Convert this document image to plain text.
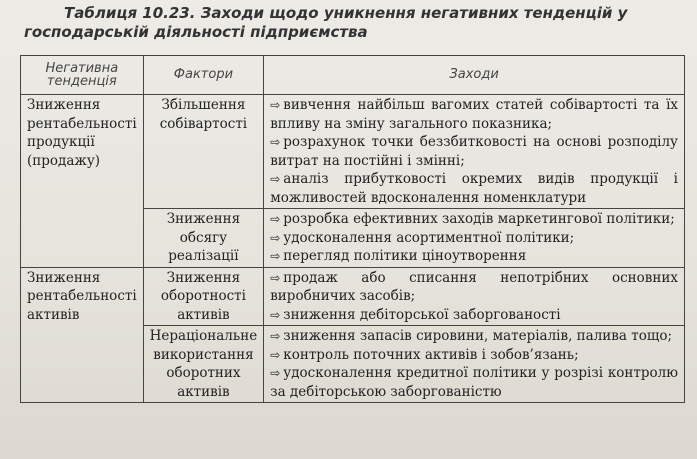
Таблиця 10.23. Заходи щодо уникнення негативних тенденцій у
господарській діяльності підприємства
Негативна тенденція	Фактори	Заходи
Зниження рентабельності продукції (продажу)	Збільшення собівартості	⇨ вивчення найбільш вагомих статей собівартості та їх впливу на зміну загального показника;
⇨ розрахунок точки беззбитковості на основі розподілу витрат на постійні і змінні;
⇨ аналіз прибутковості окремих видів продукції і можливостей вдосконалення номенклатури

	Зниження обсягу реалізації	⇨ розробка ефективних заходів маркетингової політики;
⇨ удосконалення асортиментної політики;
⇨ перегляд політики ціноутворення

Зниження рентабельності активів	Зниження оборотності активів	⇨ продаж або списання непотрібних основних виробничих засобів;
⇨ зниження дебіторської заборгованості

	Нераціональне використання оборотних активів	⇨ зниження запасів сировини, матеріалів, палива тощо;
⇨ контроль поточних активів і зобов’язань;
⇨ удосконалення кредитної політики у розрізі контролю за дебіторською заборгованістю
